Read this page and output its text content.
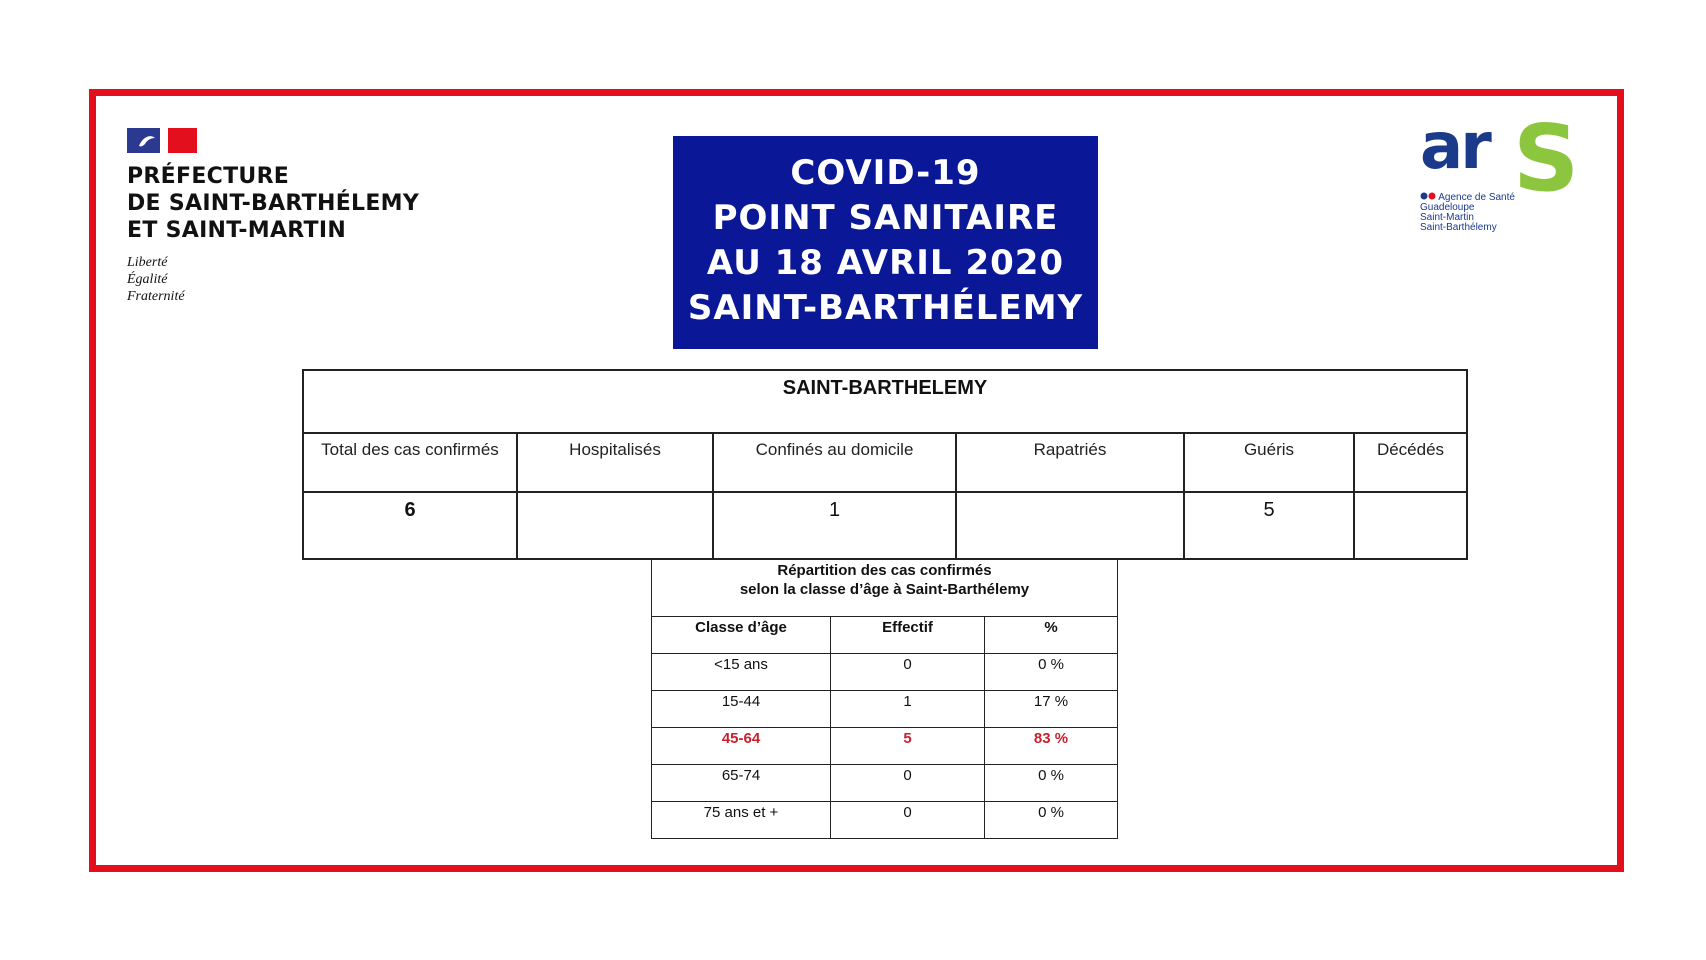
PRÉFECTURE
DE SAINT-BARTHÉLEMY
ET SAINT-MARTIN
Liberté
Égalité
Fraternité
COVID-19
POINT SANITAIRE
AU 18 AVRIL 2020
SAINT-BARTHÉLEMY
ar S
Agence de Santé
Guadeloupe
Saint-Martin
Saint-Barthélemy
SAINT-BARTHELEMY					
Total des cas confirmés	Hospitalisés	Confinés au domicile	Rapatriés	Guéris	Décédés
6		1		5	
Répartition des cas confirmés
selon la classe d’âge à Saint-Barthélemy		

Classe d’âge	Effectif	%
<15 ans	0	0 %
15-44	1	17 %
45-64	5	83 %
65-74	0	0 %
75 ans et +	0	0 %
